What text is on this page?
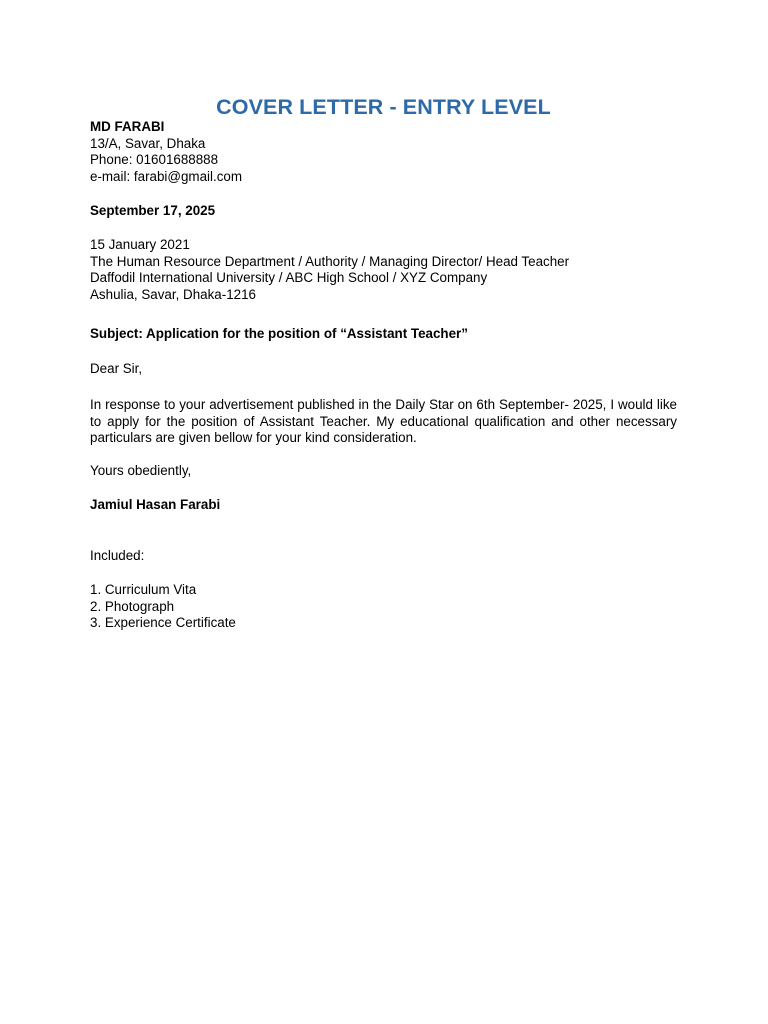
COVER LETTER - ENTRY LEVEL
MD FARABI
13/A, Savar, Dhaka
Phone: 01601688888
e-mail: farabi@gmail.com
September 17, 2025
15 January 2021
The Human Resource Department / Authority / Managing Director/ Head Teacher
Daffodil International University / ABC High School / XYZ Company
Ashulia, Savar, Dhaka-1216
Subject: Application for the position of “Assistant Teacher”
Dear Sir,
In response to your advertisement published in the Daily Star on 6th September- 2025, I would like to apply for the position of Assistant Teacher. My educational qualification and other necessary particulars are given bellow for your kind consideration.
Yours obediently,
Jamiul Hasan Farabi
Included:
1. Curriculum Vita
2. Photograph
3. Experience Certificate
